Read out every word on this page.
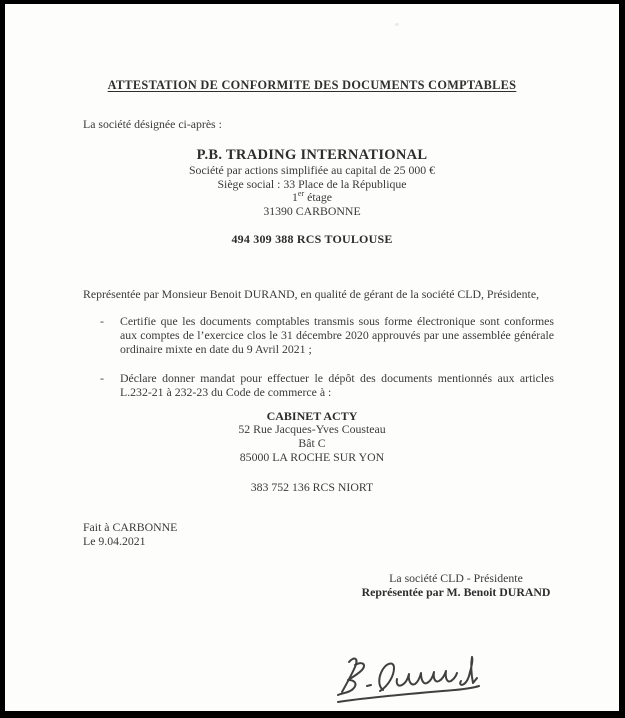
ATTESTATION DE CONFORMITE DES DOCUMENTS COMPTABLES
La société désignée ci-après :
P.B. TRADING INTERNATIONAL
Société par actions simplifiée au capital de 25 000 €
Siège social : 33 Place de la République
1er étage
31390 CARBONNE
494 309 388 RCS TOULOUSE
Représentée par Monsieur Benoit DURAND, en qualité de gérant de la société CLD, Présidente,
-	Certifie que les documents comptables transmis sous forme électronique sont conformes aux comptes de l’exercice clos le 31 décembre 2020 approuvés par une assemblée générale ordinaire mixte en date du 9 Avril 2021 ;
-	Déclare donner mandat pour effectuer le dépôt des documents mentionnés aux articles L.232-21 à 232-23 du Code de commerce à :
CABINET ACTY
52 Rue Jacques-Yves Cousteau
Bât C
85000 LA ROCHE SUR YON
383 752 136 RCS NIORT
Fait à CARBONNE
Le 9.04.2021
La société CLD - Présidente
Représentée par M. Benoit DURAND
